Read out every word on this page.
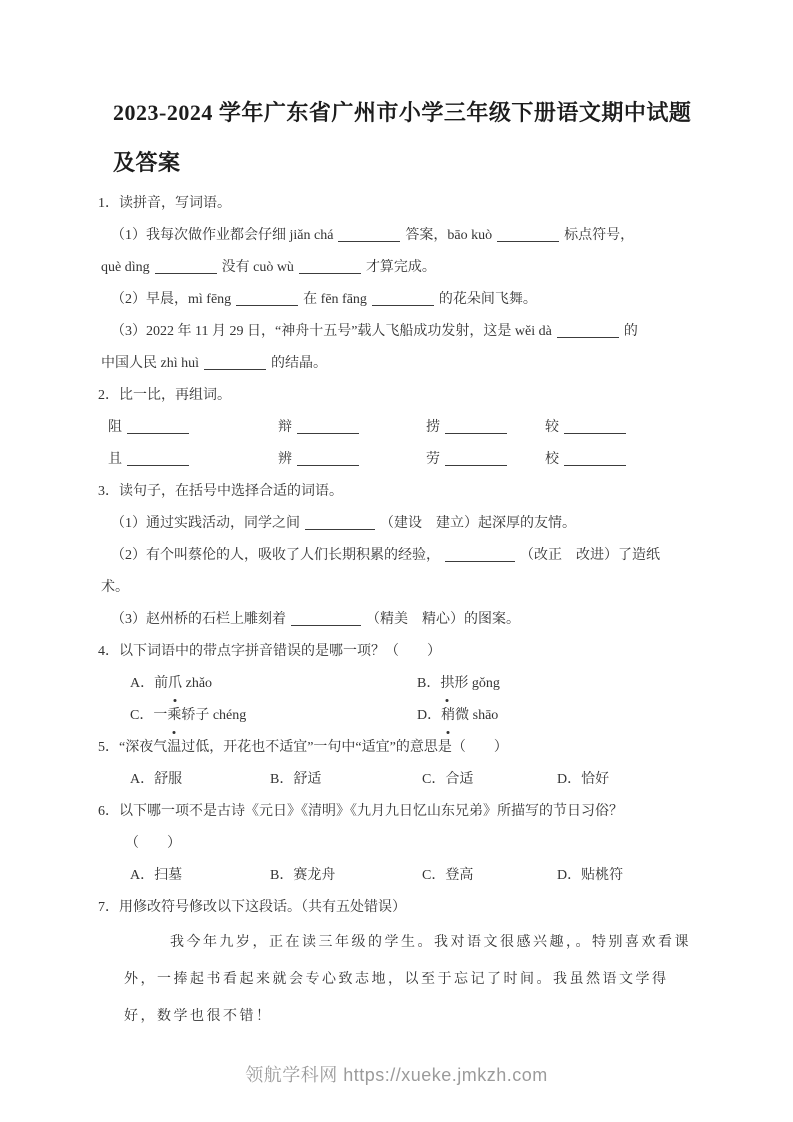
2023-2024 学年广东省广州市小学三年级下册语文期中试题
及答案
1．读拼音，写词语。
（1）我每次做作业都会仔细 jiǎn chá	答案，bāo kuò	标点符号，
què dìng	没有 cuò wù	才算完成。
（2）早晨，mì fēng	在 fēn fāng	的花朵间飞舞。
（3）2022 年 11 月 29 日，“神舟十五号”载人飞船成功发射，这是 wěi dà	的
中国人民 zhì huì	的结晶。
2．比一比，再组词。
阻	辩	捞	较
且	辨	劳	校
3．读句子，在括号中选择合适的词语。
（1）通过实践活动，同学之间	（建设　建立）起深厚的友情。
（2）有个叫蔡伦的人，吸收了人们长期积累的经验，	（改正　改进）了造纸
术。
（3）赵州桥的石栏上雕刻着	（精美　精心）的图案。
4．以下词语中的带点字拼音错误的是哪一项？（　　）
A．前爪 zhǎo	B．拱形 gǒng
C．一乘轿子 chéng	D．稍微 shāo
5．“深夜气温过低，开花也不适宜”一句中“适宜”的意思是（　　）
A．舒服	B．舒适	C．合适	D．恰好
6．以下哪一项不是古诗《元日》《清明》《九月九日忆山东兄弟》所描写的节日习俗？
（　　）
A．扫墓	B．赛龙舟	C．登高	D．贴桃符
7．用修改符号修改以下这段话。（共有五处错误）
我今年九岁，正在读三年级的学生。我对语文很感兴趣，。特别喜欢看课
外，一捧起书看起来就会专心致志地，以至于忘记了时间。我虽然语文学得
好，数学也很不错！
领航学科网 https://xueke.jmkzh.com
